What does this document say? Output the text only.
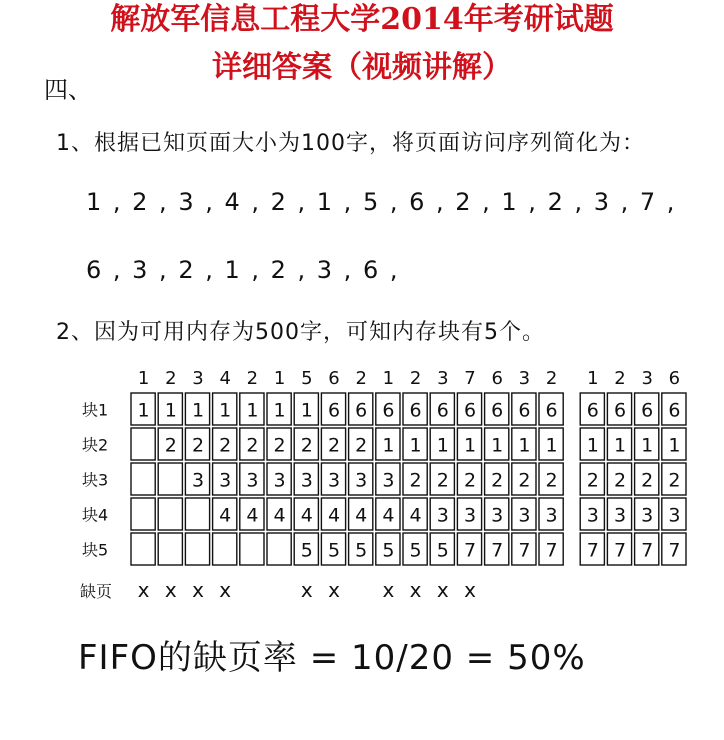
解放军信息工程大学2014年考研试题
详细答案（视频讲解）
四、
1、根据已知页面大小为100字，将页面访问序列简化为：
1 , 2 , 3 , 4 , 2 , 1 , 5 , 6 , 2 , 1 , 2 , 3 , 7 ,
6 , 3 , 2 , 1 , 2 , 3 , 6 ,
2、因为可用内存为500字，可知内存块有5个。
1 2 3 4 2 1 5 6 2 1 2 3 7 6 3 2 1 2 3 6
块1
块2
块3
块4
块5
1 1 1 1 1 1 1 6 6 6 6 6 6 6 6 6 6 6 6 6
2 2 2 2 2 2 2 2 1 1 1 1 1 1 1 1 1 1 1
3 3 3 3 3 3 3 3 2 2 2 2 2 2 2 2 2 2
4 4 4 4 4 4 4 4 3 3 3 3 3 3 3 3 3
5 5 5 5 5 5 7 7 7 7 7 7 7 7
缺页 x x x x	x x x x x x
FIFO的缺页率 = 10/20 = 50%
